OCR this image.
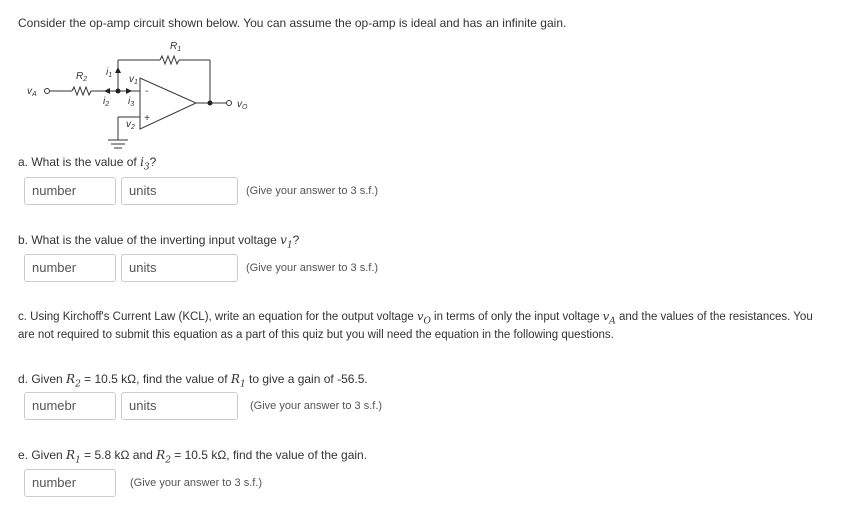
Consider the op-amp circuit shown below. You can assume the op-amp is ideal and has an infinite gain.
$R_1$
$R_2$
$v_A$
$v_O$
$i_1$
$i_2$ $i_3$
$v_1$
$v_2$
-
+
a. What is the value of $i_3$?
number	units	(Give your answer to 3 s.f.)
b. What is the value of the inverting input voltage $v_1$?
number	units	(Give your answer to 3 s.f.)
c. Using Kirchoff's Current Law (KCL), write an equation for the output voltage $v_O$ in terms of only the input voltage $v_A$ and the values of the resistances. You
are not required to submit this equation as a part of this quiz but you will need the equation in the following questions.
d. Given $R_2 = 10.5$ kΩ, find the value of $R_1$ to give a gain of -56.5.
numebr	units	(Give your answer to 3 s.f.)
e. Given $R_1 = 5.8$ kΩ and $R_2 = 10.5$ kΩ, find the value of the gain.
number	(Give your answer to 3 s.f.)
